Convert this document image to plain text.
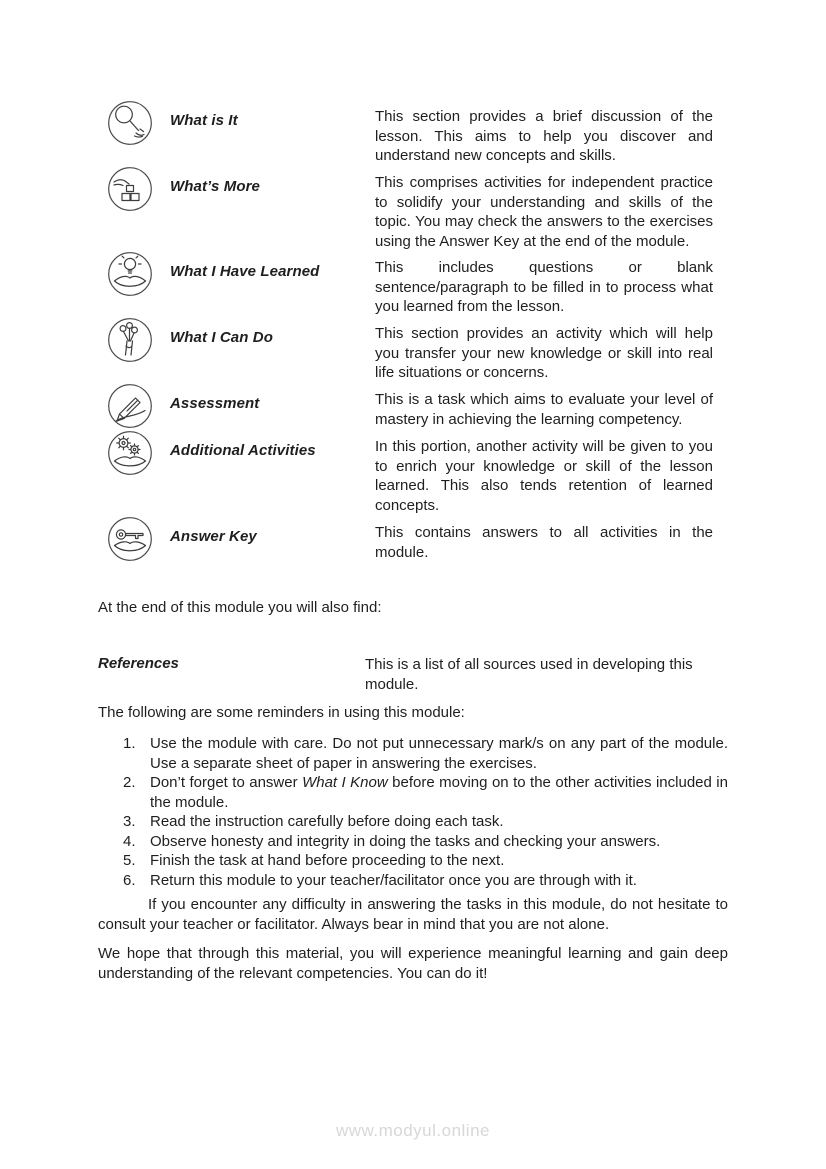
What is It	This section provides a brief discussion of the lesson. This aims to help you discover and understand new concepts and skills.
What’s More	This comprises activities for independent practice to solidify your understanding and skills of the topic. You may check the answers to the exercises using the Answer Key at the end of the module.
What I Have Learned	This includes questions or blank sentence/paragraph to be filled in to process what you learned from the lesson.
What I Can Do	This section provides an activity which will help you transfer your new knowledge or skill into real life situations or concerns.
Assessment	This is a task which aims to evaluate your level of mastery in achieving the learning competency.
Additional Activities	In this portion, another activity will be given to you to enrich your knowledge or skill of the lesson learned. This also tends retention of learned concepts.
Answer Key	This contains answers to all activities in the module.
At the end of this module you will also find:
References	This is a list of all sources used in developing this module.
The following are some reminders in using this module:
1. Use the module with care. Do not put unnecessary mark/s on any part of the module. Use a separate sheet of paper in answering the exercises.
2. Don’t forget to answer What I Know before moving on to the other activities included in the module.
3. Read the instruction carefully before doing each task.
4. Observe honesty and integrity in doing the tasks and checking your answers.
5. Finish the task at hand before proceeding to the next.
6. Return this module to your teacher/facilitator once you are through with it.
If you encounter any difficulty in answering the tasks in this module, do not hesitate to consult your teacher or facilitator. Always bear in mind that you are not alone.
We hope that through this material, you will experience meaningful learning and gain deep understanding of the relevant competencies. You can do it!
www.modyul.online
